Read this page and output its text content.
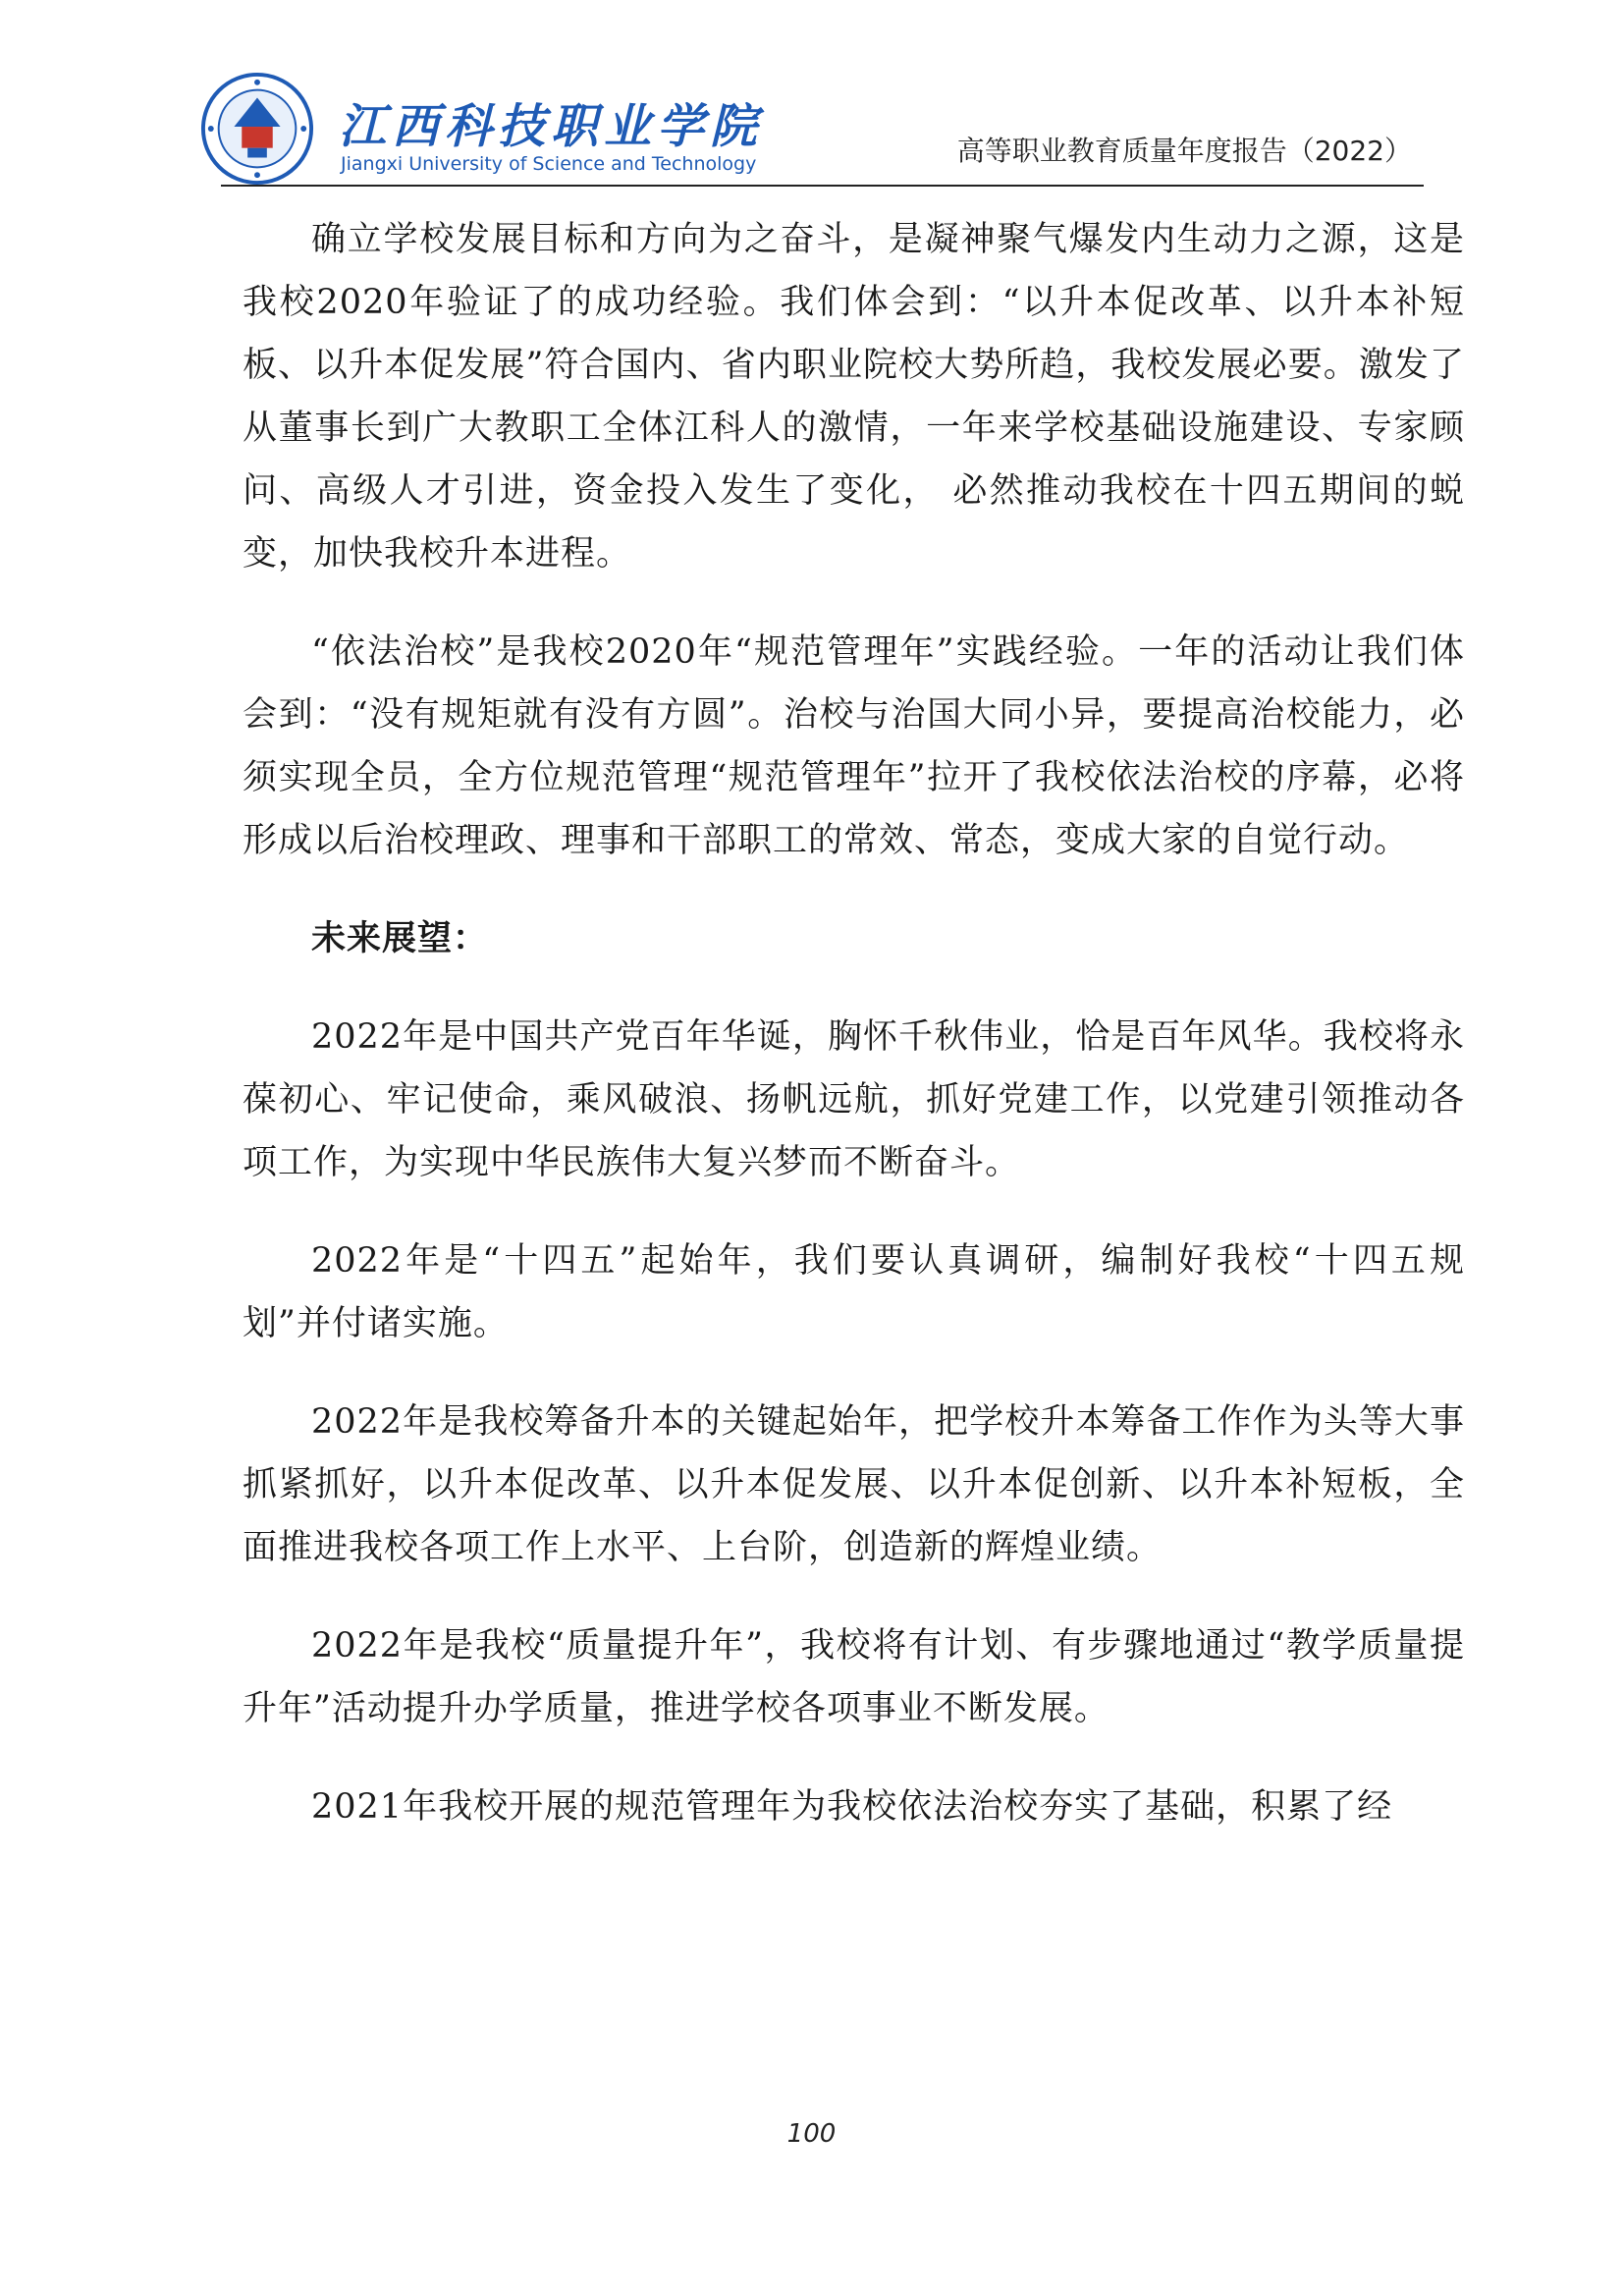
江西科技职业学院
Jiangxi University of Science and Technology	高等职业教育质量年度报告（2022）

确立学校发展目标和方向为之奋斗，是凝神聚气爆发内生动力之源，这是我校2020年验证了的成功经验。我们体会到：“以升本促改革、以升本补短板、以升本促发展”符合国内、省内职业院校大势所趋，我校发展必要。激发了从董事长到广大教职工全体江科人的激情，一年来学校基础设施建设、专家顾问、高级人才引进，资金投入发生了变化， 必然推动我校在十四五期间的蜕变，加快我校升本进程。

“依法治校”是我校2020年“规范管理年”实践经验。一年的活动让我们体会到：“没有规矩就有没有方圆”。治校与治国大同小异，要提高治校能力，必须实现全员，全方位规范管理“规范管理年”拉开了我校依法治校的序幕，必将形成以后治校理政、理事和干部职工的常效、常态，变成大家的自觉行动。

未来展望：

2022年是中国共产党百年华诞，胸怀千秋伟业，恰是百年风华。我校将永葆初心、牢记使命，乘风破浪、扬帆远航，抓好党建工作，以党建引领推动各项工作，为实现中华民族伟大复兴梦而不断奋斗。

2022年是“十四五”起始年，我们要认真调研，编制好我校“十四五规划”并付诸实施。

2022年是我校筹备升本的关键起始年，把学校升本筹备工作作为头等大事抓紧抓好，以升本促改革、以升本促发展、以升本促创新、以升本补短板，全面推进我校各项工作上水平、上台阶，创造新的辉煌业绩。

2022年是我校“质量提升年”，我校将有计划、有步骤地通过“教学质量提升年”活动提升办学质量，推进学校各项事业不断发展。

2021年我校开展的规范管理年为我校依法治校夯实了基础，积累了经

100
